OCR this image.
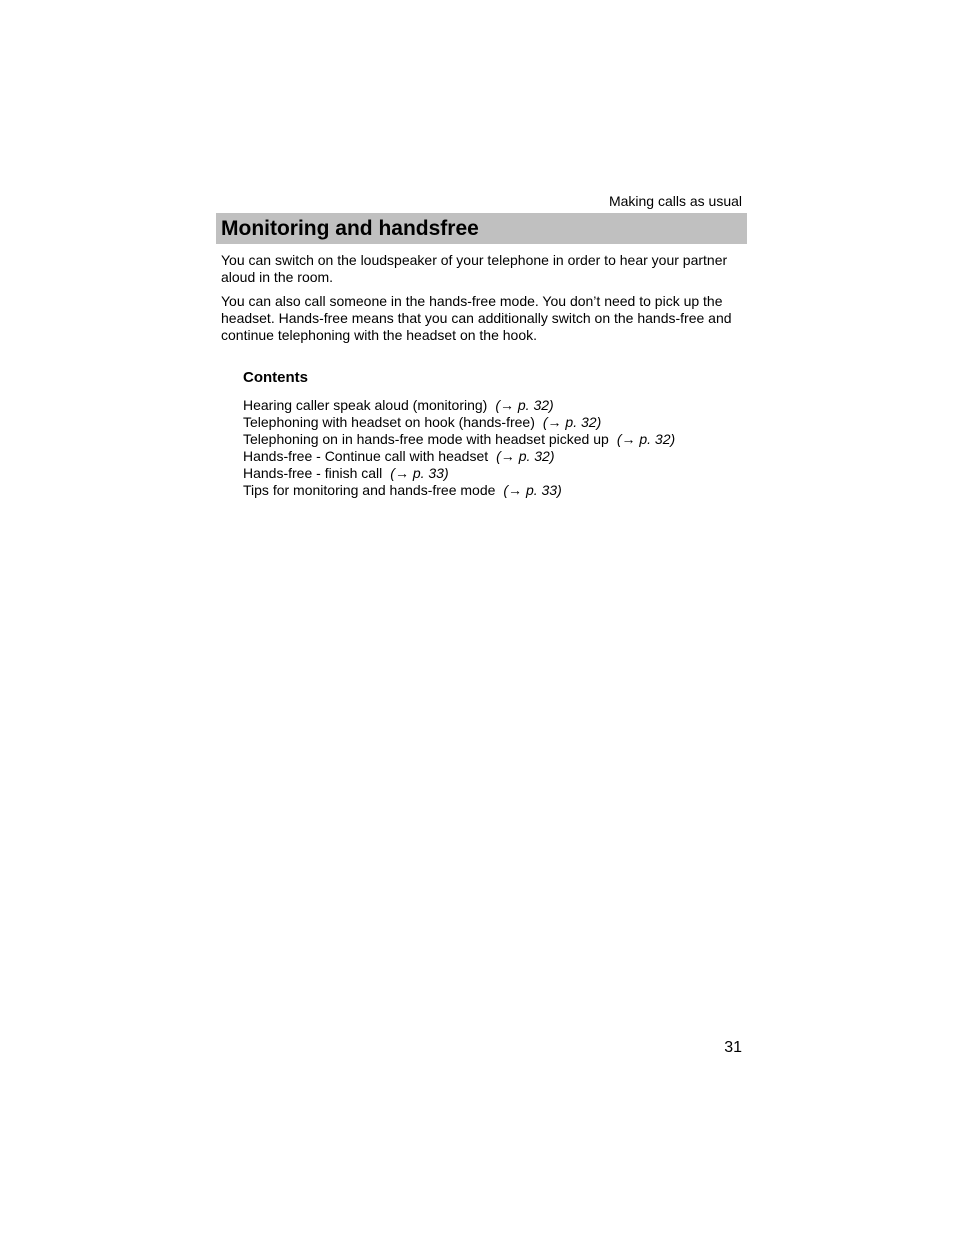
Making calls as usual
Monitoring and handsfree

You can switch on the loudspeaker of your telephone in order to hear your partner aloud in the room.

You can also call someone in the hands-free mode. You don’t need to pick up the headset. Hands-free means that you can additionally switch on the hands-free and continue telephoning with the headset on the hook.

Contents
Hearing caller speak aloud (monitoring) (→ p. 32)
Telephoning with headset on hook (hands-free) (→ p. 32)
Telephoning on in hands-free mode with headset picked up (→ p. 32)
Hands-free - Continue call with headset (→ p. 32)
Hands-free - finish call (→ p. 33)
Tips for monitoring and hands-free mode (→ p. 33)
31
